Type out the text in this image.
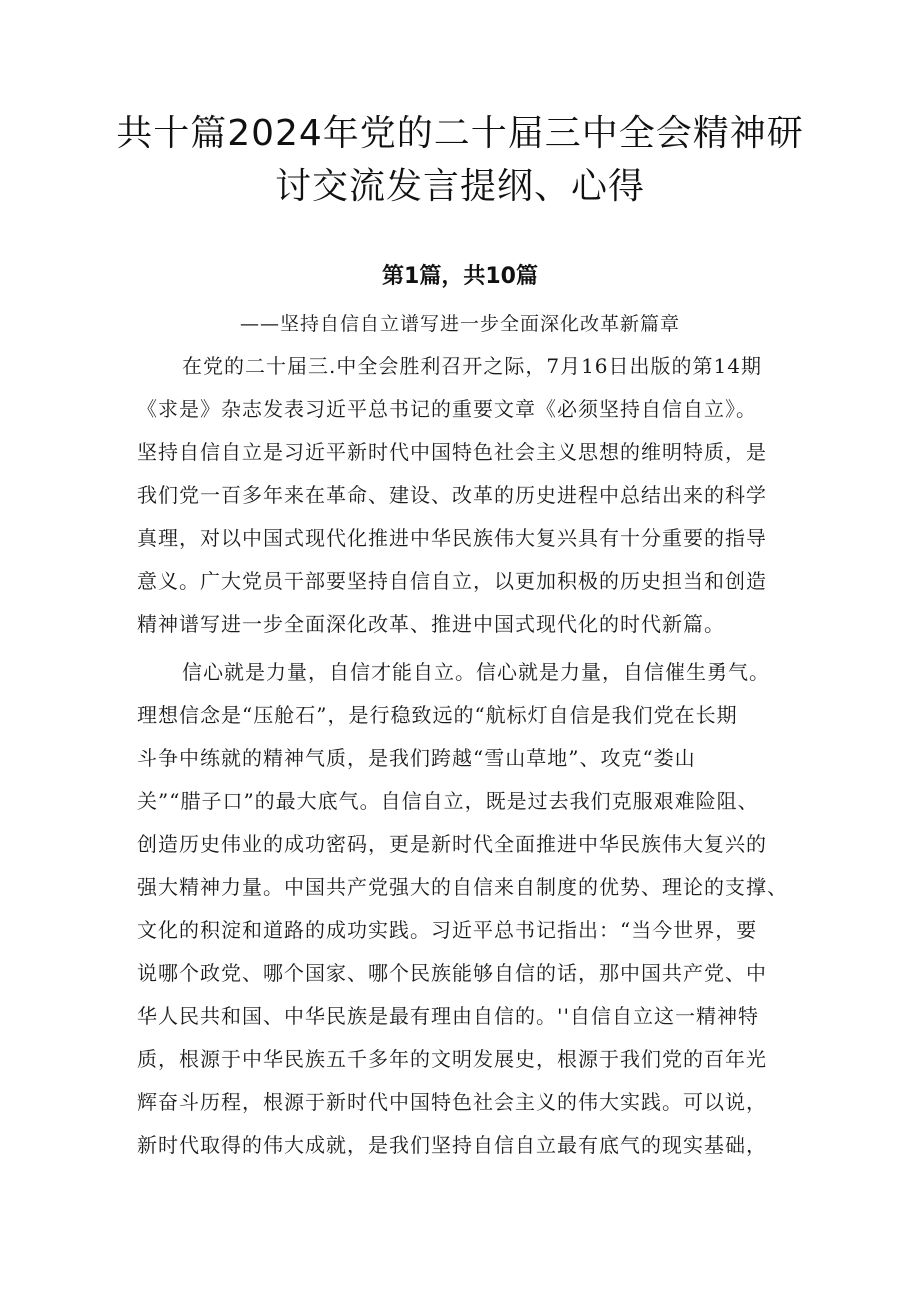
共十篇2024年党的二十届三中全会精神研
讨交流发言提纲、心得
第1篇，共10篇
——坚持自信自立谱写进一步全面深化改革新篇章
在党的二十届三.中全会胜利召开之际，7月16日出版的第14期
《求是》杂志发表习近平总书记的重要文章《必须坚持自信自立》。
坚持自信自立是习近平新时代中国特色社会主义思想的维明特质，是
我们党一百多年来在革命、建设、改革的历史进程中总结出来的科学
真理，对以中国式现代化推进中华民族伟大复兴具有十分重要的指导
意义。广大党员干部要坚持自信自立，以更加积极的历史担当和创造
精神谱写进一步全面深化改革、推进中国式现代化的时代新篇。
信心就是力量，自信才能自立。信心就是力量，自信催生勇气。
理想信念是“压舱石”，是行稳致远的“航标灯自信是我们党在长期
斗争中练就的精神气质，是我们跨越“雪山草地”、攻克“娄山
关”“腊子口”的最大底气。自信自立，既是过去我们克服艰难险阻、
创造历史伟业的成功密码，更是新时代全面推进中华民族伟大复兴的
强大精神力量。中国共产党强大的自信来自制度的优势、理论的支撑、
文化的积淀和道路的成功实践。习近平总书记指出：“当今世界，要
说哪个政党、哪个国家、哪个民族能够自信的话，那中国共产党、中
华人民共和国、中华民族是最有理由自信的。''自信自立这一精神特
质，根源于中华民族五千多年的文明发展史，根源于我们党的百年光
辉奋斗历程，根源于新时代中国特色社会主义的伟大实践。可以说，
新时代取得的伟大成就，是我们坚持自信自立最有底气的现实基础，
